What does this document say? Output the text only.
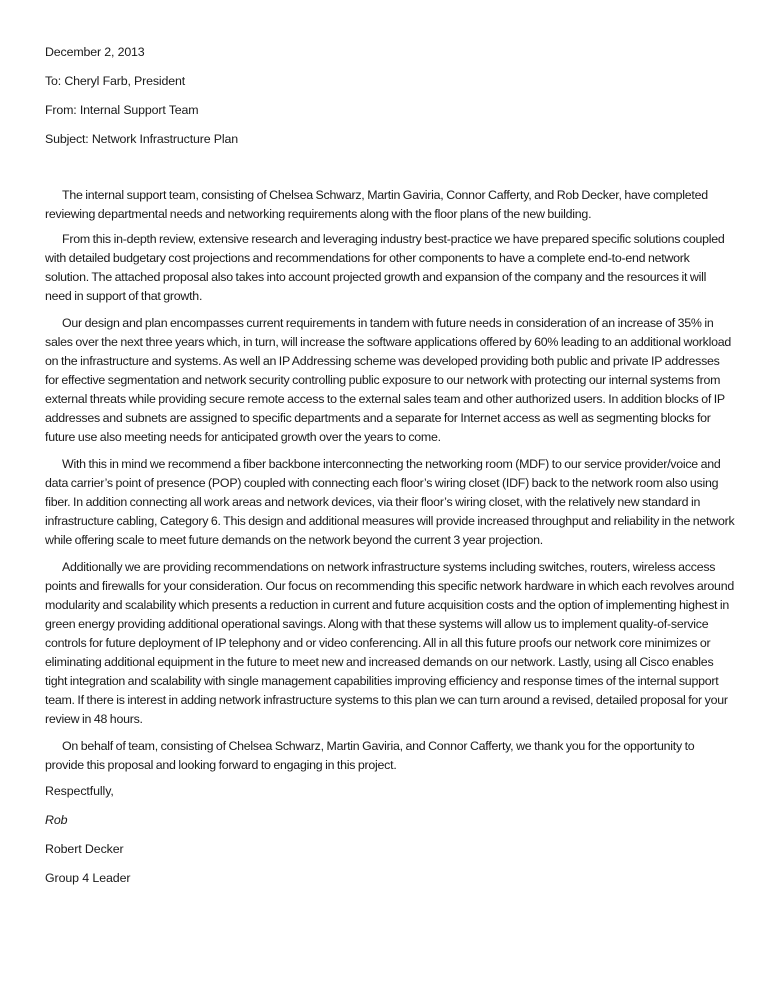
December 2, 2013
To: Cheryl Farb, President
From: Internal Support Team
Subject: Network Infrastructure Plan

The internal support team, consisting of Chelsea Schwarz, Martin Gaviria, Connor Cafferty, and Rob Decker, have completed reviewing departmental needs and networking requirements along with the floor plans of the new building.

From this in-depth review, extensive research and leveraging industry best-practice we have prepared specific solutions coupled with detailed budgetary cost projections and recommendations for other components to have a complete end-to-end network solution. The attached proposal also takes into account projected growth and expansion of the company and the resources it will need in support of that growth.

Our design and plan encompasses current requirements in tandem with future needs in consideration of an increase of 35% in sales over the next three years which, in turn, will increase the software applications offered by 60% leading to an additional workload on the infrastructure and systems. As well an IP Addressing scheme was developed providing both public and private IP addresses for effective segmentation and network security controlling public exposure to our network with protecting our internal systems from external threats while providing secure remote access to the external sales team and other authorized users. In addition blocks of IP addresses and subnets are assigned to specific departments and a separate for Internet access as well as segmenting blocks for future use also meeting needs for anticipated growth over the years to come.

With this in mind we recommend a fiber backbone interconnecting the networking room (MDF) to our service provider/voice and data carrier’s point of presence (POP) coupled with connecting each floor’s wiring closet (IDF) back to the network room also using fiber. In addition connecting all work areas and network devices, via their floor’s wiring closet, with the relatively new standard in infrastructure cabling, Category 6. This design and additional measures will provide increased throughput and reliability in the network while offering scale to meet future demands on the network beyond the current 3 year projection.

Additionally we are providing recommendations on network infrastructure systems including switches, routers, wireless access points and firewalls for your consideration. Our focus on recommending this specific network hardware in which each revolves around modularity and scalability which presents a reduction in current and future acquisition costs and the option of implementing highest in green energy providing additional operational savings. Along with that these systems will allow us to implement quality-of-service controls for future deployment of IP telephony and or video conferencing. All in all this future proofs our network core minimizes or eliminating additional equipment in the future to meet new and increased demands on our network. Lastly, using all Cisco enables tight integration and scalability with single management capabilities improving efficiency and response times of the internal support team. If there is interest in adding network infrastructure systems to this plan we can turn around a revised, detailed proposal for your review in 48 hours.

On behalf of team, consisting of Chelsea Schwarz, Martin Gaviria, and Connor Cafferty, we thank you for the opportunity to provide this proposal and looking forward to engaging in this project.

Respectfully,
Rob
Robert Decker
Group 4 Leader
